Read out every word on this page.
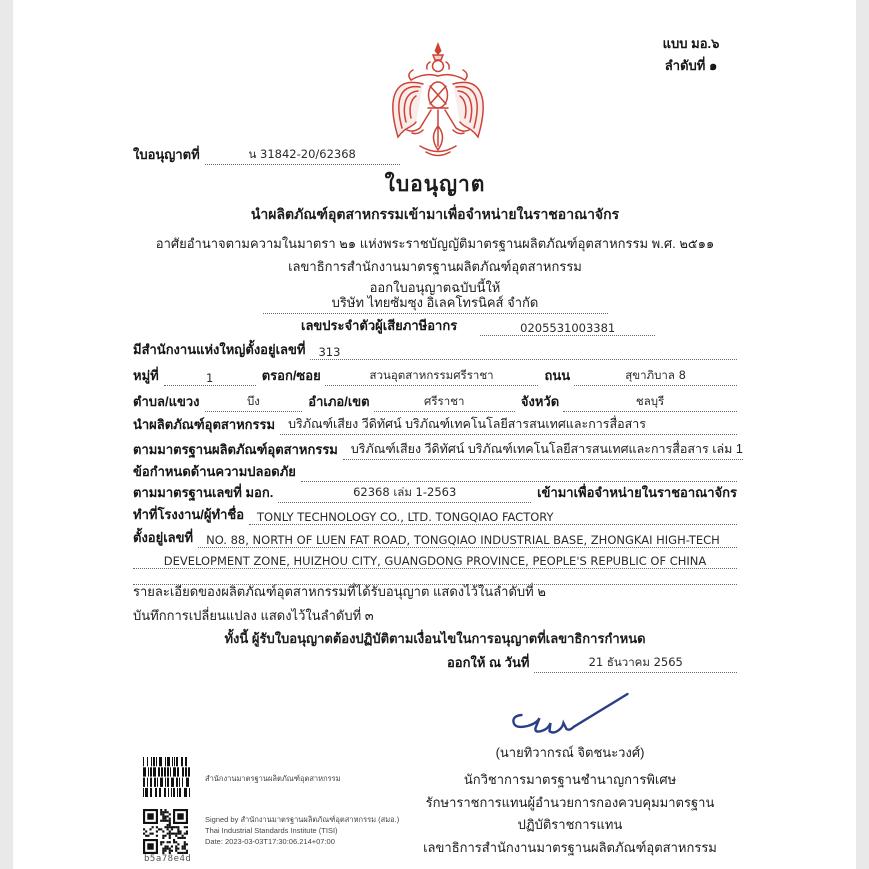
แบบ มอ.๖
ลำดับที่ ๑
ใบอนุญาตที่	น 31842-20/62368
ใบอนุญาต
นำผลิตภัณฑ์อุตสาหกรรมเข้ามาเพื่อจำหน่ายในราชอาณาจักร
อาศัยอำนาจตามความในมาตรา ๒๑ แห่งพระราชบัญญัติมาตรฐานผลิตภัณฑ์อุตสาหกรรม พ.ศ. ๒๕๑๑
เลขาธิการสำนักงานมาตรฐานผลิตภัณฑ์อุตสาหกรรม
ออกใบอนุญาตฉบับนี้ให้
บริษัท ไทยซัมซุง อิเลคโทรนิคส์ จำกัด
เลขประจำตัวผู้เสียภาษีอากร	0205531003381
มีสำนักงานแห่งใหญ่ตั้งอยู่เลขที่	313
หมู่ที่	1	ตรอก/ซอย	สวนอุตสาหกรรมศรีราชา	ถนน	สุขาภิบาล 8
ตำบล/แขวง	บึง	อำเภอ/เขต	ศรีราชา	จังหวัด	ชลบุรี
นำผลิตภัณฑ์อุตสาหกรรม	บริภัณฑ์เสียง วีดิทัศน์ บริภัณฑ์เทคโนโลยีสารสนเทศและการสื่อสาร
ตามมาตรฐานผลิตภัณฑ์อุตสาหกรรม	บริภัณฑ์เสียง วีดิทัศน์ บริภัณฑ์เทคโนโลยีสารสนเทศและการสื่อสาร เล่ม 1
ข้อกำหนดด้านความปลอดภัย
ตามมาตรฐานเลขที่ มอก.	62368 เล่ม 1-2563	เข้ามาเพื่อจำหน่ายในราชอาณาจักร
ทำที่โรงงาน/ผู้ทำชื่อ	TONLY TECHNOLOGY CO., LTD. TONGQIAO FACTORY
ตั้งอยู่เลขที่	NO. 88, NORTH OF LUEN FAT ROAD, TONGQIAO INDUSTRIAL BASE, ZHONGKAI HIGH-TECH
DEVELOPMENT ZONE, HUIZHOU CITY, GUANGDONG PROVINCE, PEOPLE'S REPUBLIC OF CHINA
รายละเอียดของผลิตภัณฑ์อุตสาหกรรมที่ได้รับอนุญาต แสดงไว้ในลำดับที่ ๒
บันทึกการเปลี่ยนแปลง แสดงไว้ในลำดับที่ ๓
ทั้งนี้ ผู้รับใบอนุญาตต้องปฏิบัติตามเงื่อนไขในการอนุญาตที่เลขาธิการกำหนด
ออกให้ ณ วันที่	21 ธันวาคม 2565
(นายทิวากรณ์ จิตชนะวงศ์)
นักวิชาการมาตรฐานชำนาญการพิเศษ
รักษาราชการแทนผู้อำนวยการกองควบคุมมาตรฐาน
ปฏิบัติราชการแทน
เลขาธิการสำนักงานมาตรฐานผลิตภัณฑ์อุตสาหกรรม
สำนักงานมาตรฐานผลิตภัณฑ์อุตสาหกรรม
b5a78e4d
Signed by สำนักงานมาตรฐานผลิตภัณฑ์อุตสาหกรรม (สมอ.)
Thai Industrial Standards Institute (TISI)
Date: 2023-03-03T17:30:06.214+07:00
